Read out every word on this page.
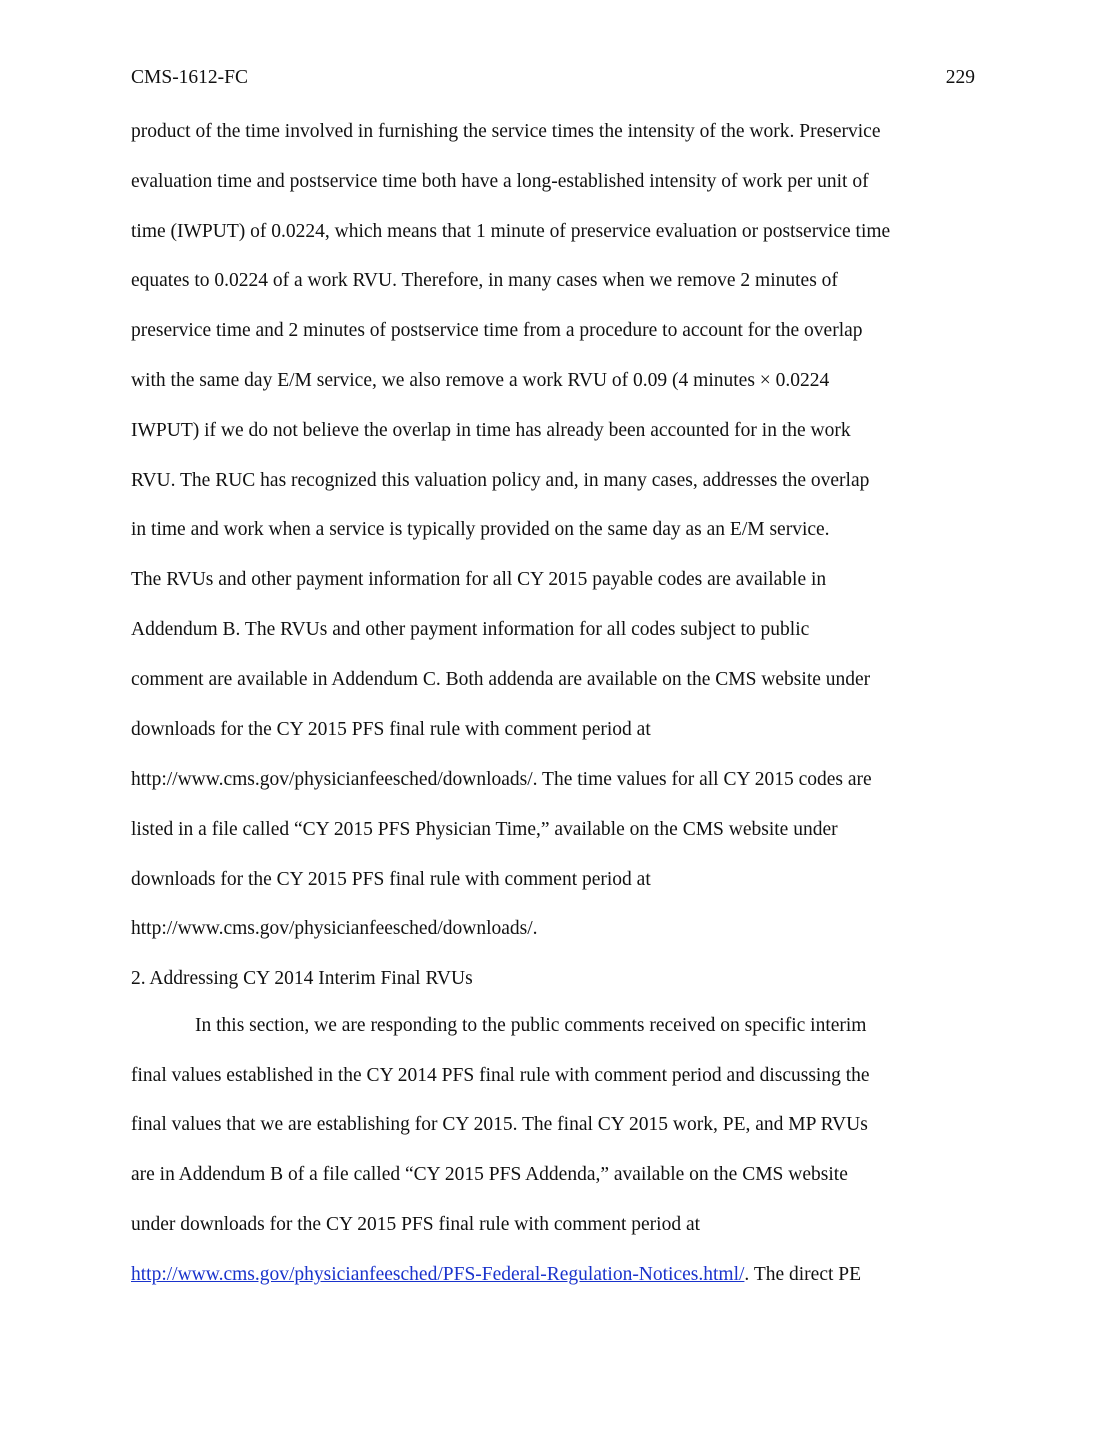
CMS-1612-FC	229
product of the time involved in furnishing the service times the intensity of the work. Preservice
evaluation time and postservice time both have a long-established intensity of work per unit of
time (IWPUT) of 0.0224, which means that 1 minute of preservice evaluation or postservice time
equates to 0.0224 of a work RVU. Therefore, in many cases when we remove 2 minutes of
preservice time and 2 minutes of postservice time from a procedure to account for the overlap
with the same day E/M service, we also remove a work RVU of 0.09 (4 minutes × 0.0224
IWPUT) if we do not believe the overlap in time has already been accounted for in the work
RVU. The RUC has recognized this valuation policy and, in many cases, addresses the overlap
in time and work when a service is typically provided on the same day as an E/M service.
The RVUs and other payment information for all CY 2015 payable codes are available in
Addendum B. The RVUs and other payment information for all codes subject to public
comment are available in Addendum C. Both addenda are available on the CMS website under
downloads for the CY 2015 PFS final rule with comment period at
http://www.cms.gov/physicianfeesched/downloads/. The time values for all CY 2015 codes are
listed in a file called “CY 2015 PFS Physician Time,” available on the CMS website under
downloads for the CY 2015 PFS final rule with comment period at
http://www.cms.gov/physicianfeesched/downloads/.
2. Addressing CY 2014 Interim Final RVUs
In this section, we are responding to the public comments received on specific interim
final values established in the CY 2014 PFS final rule with comment period and discussing the
final values that we are establishing for CY 2015. The final CY 2015 work, PE, and MP RVUs
are in Addendum B of a file called “CY 2015 PFS Addenda,” available on the CMS website
under downloads for the CY 2015 PFS final rule with comment period at
http://www.cms.gov/physicianfeesched/PFS-Federal-Regulation-Notices.html/. The direct PE
